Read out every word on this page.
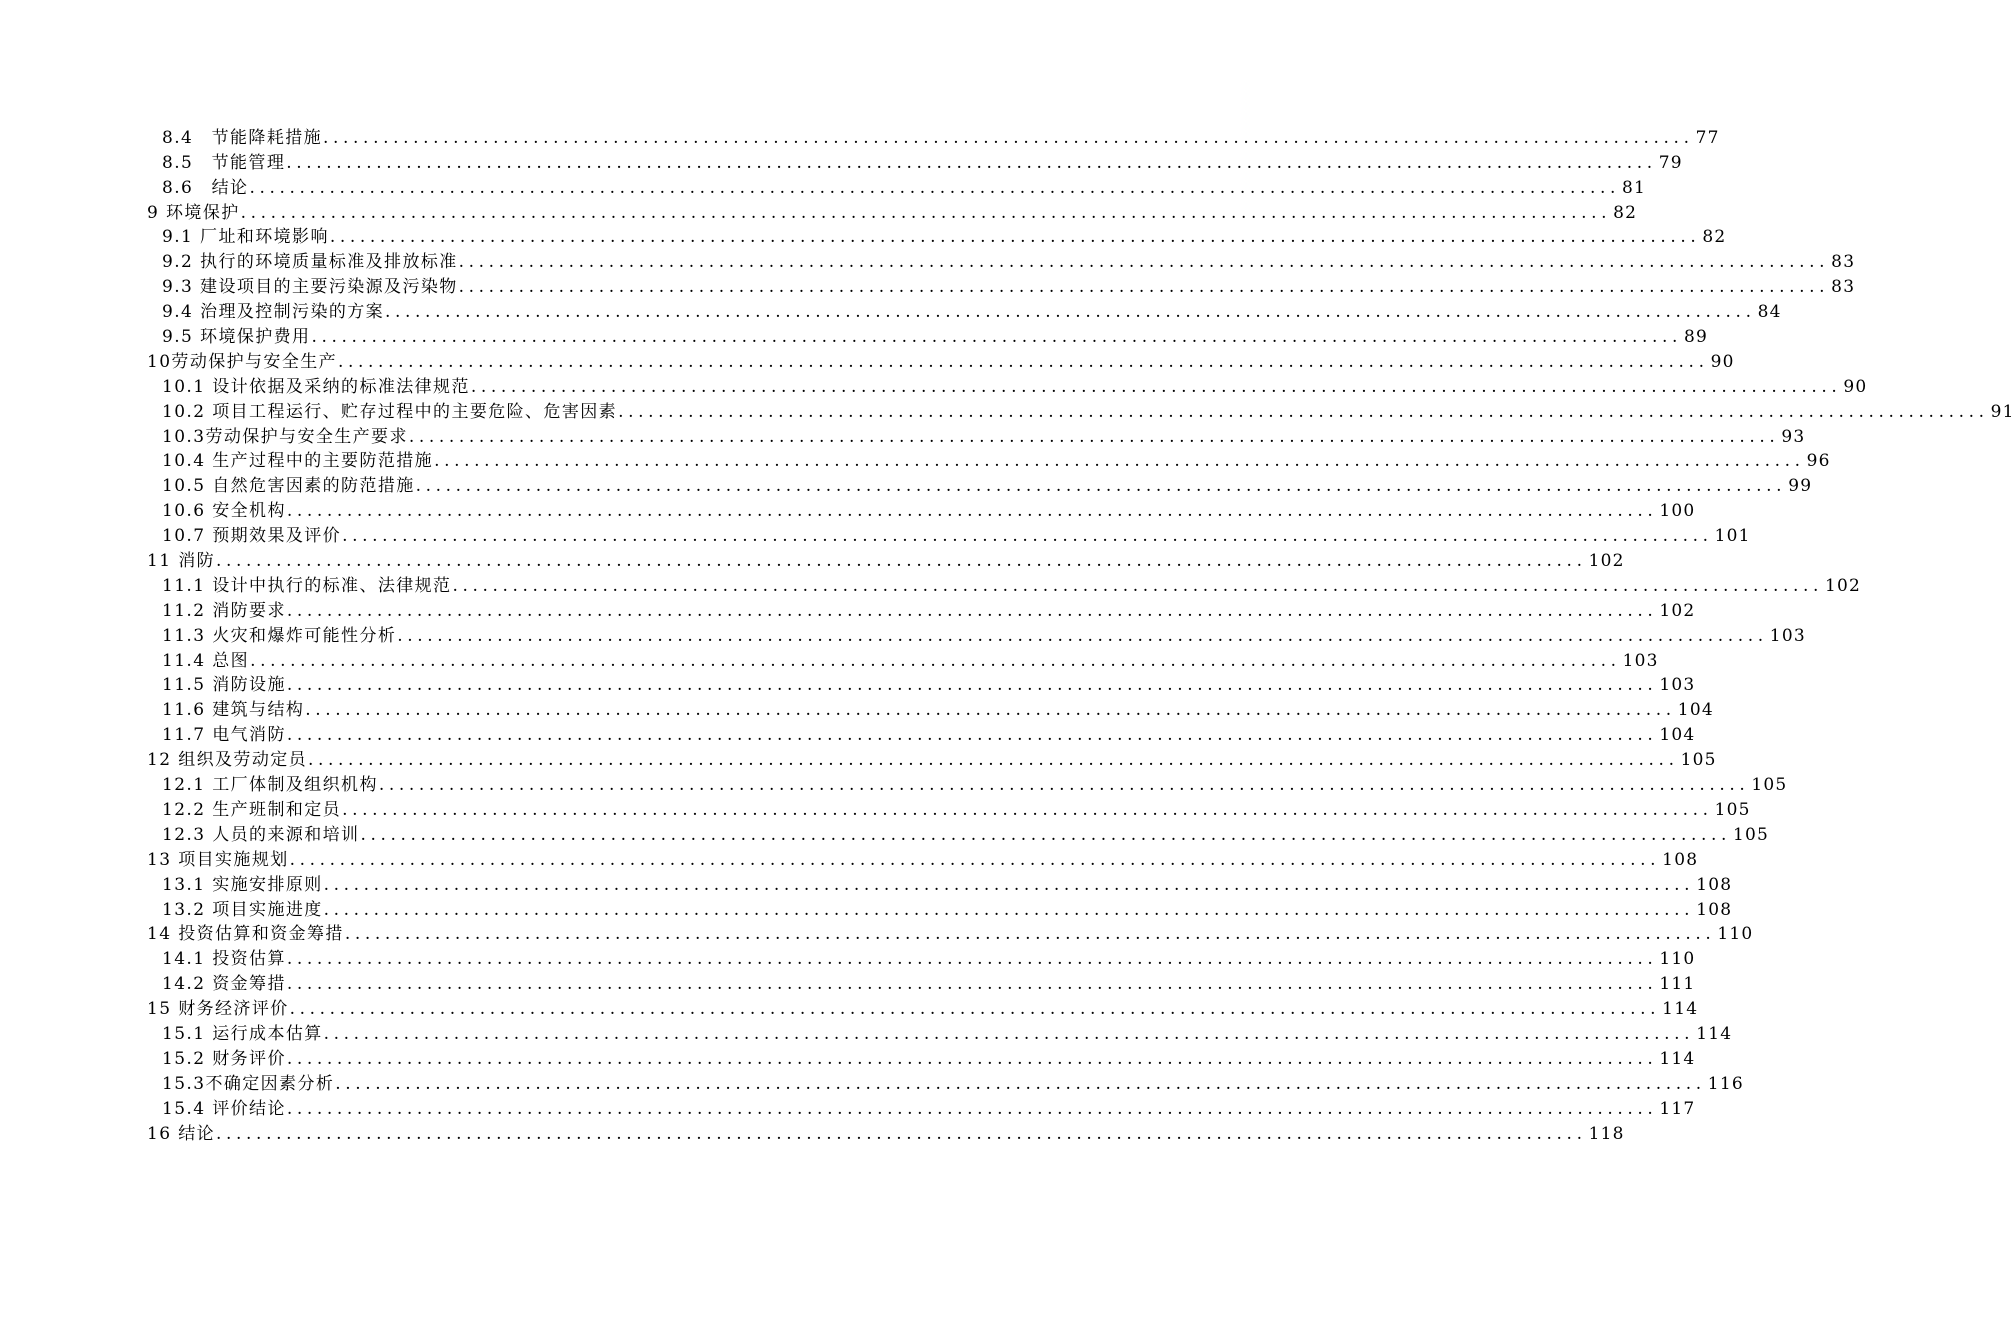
8.4　节能降耗措施 ......................................................................................................................................... 77
8.5　节能管理 ......................................................................................................................................... 79
8.6　结论 ......................................................................................................................................... 81
9 环境保护 ......................................................................................................................................... 82
9.1 厂址和环境影响 ......................................................................................................................................... 82
9.2 执行的环境质量标准及排放标准 ......................................................................................................................................... 83
9.3 建设项目的主要污染源及污染物 ......................................................................................................................................... 83
9.4 治理及控制污染的方案 ......................................................................................................................................... 84
9.5 环境保护费用 ......................................................................................................................................... 89
10劳动保护与安全生产 ......................................................................................................................................... 90
10.1 设计依据及采纳的标准法律规范 ......................................................................................................................................... 90
10.2 项目工程运行、贮存过程中的主要危险、危害因素 ......................................................................................................................................... 91
10.3劳动保护与安全生产要求 ......................................................................................................................................... 93
10.4 生产过程中的主要防范措施 ......................................................................................................................................... 96
10.5 自然危害因素的防范措施 ......................................................................................................................................... 99
10.6 安全机构 ......................................................................................................................................... 100
10.7 预期效果及评价 ......................................................................................................................................... 101
11 消防 ......................................................................................................................................... 102
11.1 设计中执行的标准、法律规范 ......................................................................................................................................... 102
11.2 消防要求 ......................................................................................................................................... 102
11.3 火灾和爆炸可能性分析 ......................................................................................................................................... 103
11.4 总图 ......................................................................................................................................... 103
11.5 消防设施 ......................................................................................................................................... 103
11.6 建筑与结构 ......................................................................................................................................... 104
11.7 电气消防 ......................................................................................................................................... 104
12 组织及劳动定员 ......................................................................................................................................... 105
12.1 工厂体制及组织机构 ......................................................................................................................................... 105
12.2 生产班制和定员 ......................................................................................................................................... 105
12.3 人员的来源和培训 ......................................................................................................................................... 105
13 项目实施规划 ......................................................................................................................................... 108
13.1 实施安排原则 ......................................................................................................................................... 108
13.2 项目实施进度 ......................................................................................................................................... 108
14 投资估算和资金筹措 ......................................................................................................................................... 110
14.1 投资估算 ......................................................................................................................................... 110
14.2 资金筹措 ......................................................................................................................................... 111
15 财务经济评价 ......................................................................................................................................... 114
15.1 运行成本估算 ......................................................................................................................................... 114
15.2 财务评价 ......................................................................................................................................... 114
15.3不确定因素分析 ......................................................................................................................................... 116
15.4 评价结论 ......................................................................................................................................... 117
16 结论 ......................................................................................................................................... 118
